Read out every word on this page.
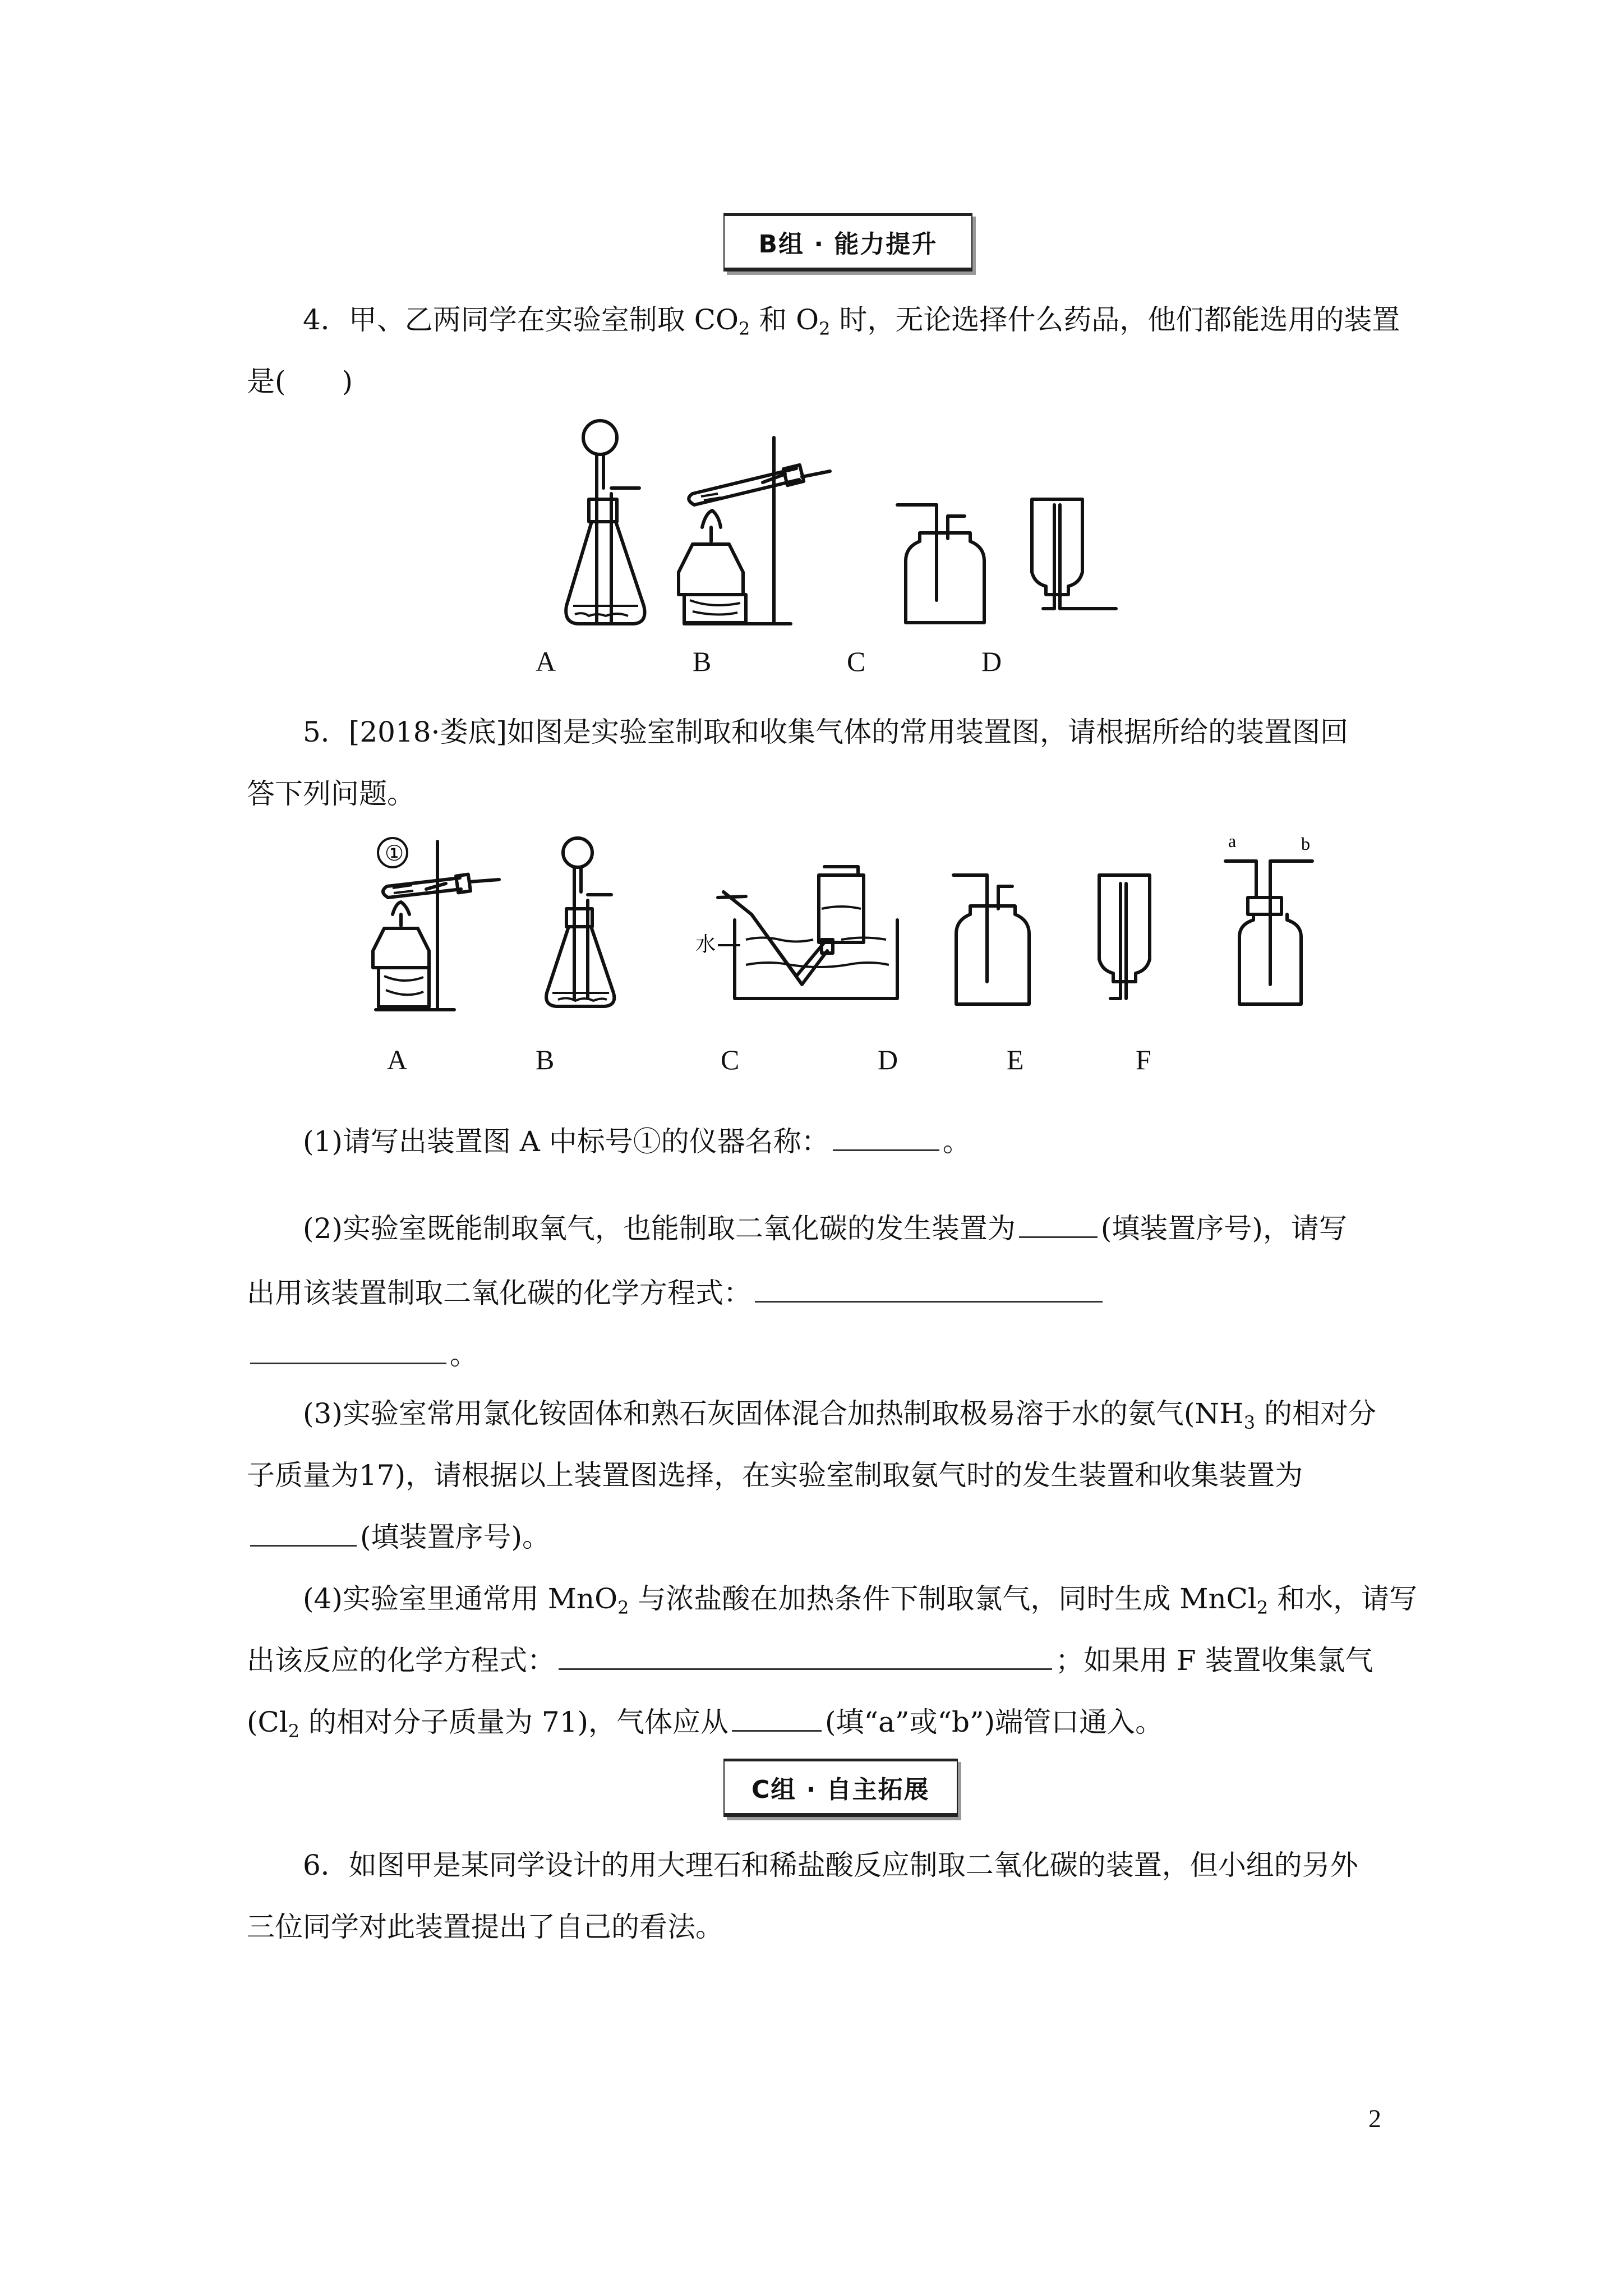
B组 · 能力提升
4．甲、乙两同学在实验室制取 $CO_2$ 和 $O_2$ 时，无论选择什么药品，他们都能选用的装置
是(　　)
A	B	C	D
5．[2018·娄底]如图是实验室制取和收集气体的常用装置图，请根据所给的装置图回
答下列问题。
①
水
a	b
A	B	C	D	E	F
(1)请写出装置图 A 中标号①的仪器名称：	。
(2)实验室既能制取氧气，也能制取二氧化碳的发生装置为	(填装置序号)，请写
出用该装置制取二氧化碳的化学方程式：
。
(3)实验室常用氯化铵固体和熟石灰固体混合加热制取极易溶于水的氨气($NH_3$ 的相对分
子质量为17)，请根据以上装置图选择，在实验室制取氨气时的发生装置和收集装置为
(填装置序号)。
(4)实验室里通常用 MnO$_2$ 与浓盐酸在加热条件下制取氯气，同时生成 MnCl$_2$ 和水，请写
出该反应的化学方程式：	；如果用 F 装置收集氯气
($Cl_2$ 的相对分子质量为 71)，气体应从	(填“a”或“b”)端管口通入。
C组 · 自主拓展
6．如图甲是某同学设计的用大理石和稀盐酸反应制取二氧化碳的装置，但小组的另外
三位同学对此装置提出了自己的看法。
2
